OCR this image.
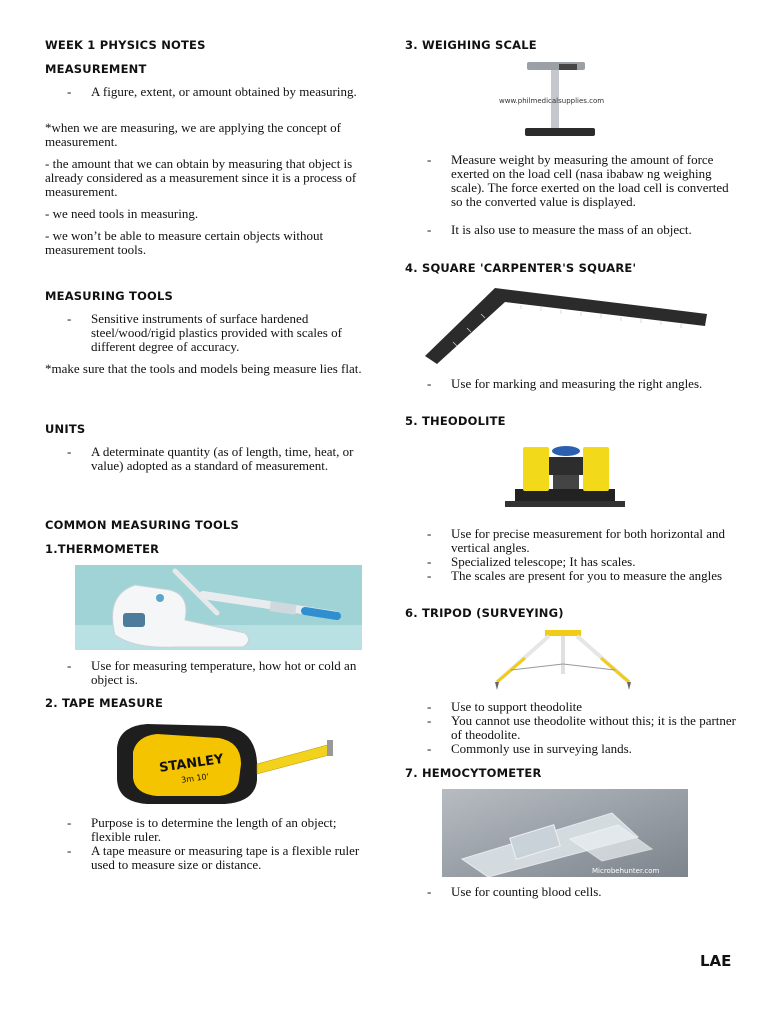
WEEK 1 PHYSICS NOTES
MEASUREMENT
- A figure, extent, or amount obtained by measuring.

*when we are measuring, we are applying the concept of measurement.

- the amount that we can obtain by measuring that object is already considered as a measurement since it is a process of measurement.

- we need tools in measuring.

- we won’t be able to measure certain objects without measurement tools.

MEASURING TOOLS
- Sensitive instruments of surface hardened steel/wood/rigid plastics provided with scales of different degree of accuracy.

*make sure that the tools and models being measure lies flat.

UNITS
- A determinate quantity (as of length, time, heat, or value) adopted as a standard of measurement.
COMMON MEASURING TOOLS
1.THERMOMETER
- Use for measuring temperature, how hot or cold an object is.
2. TAPE MEASURE
STANLEY
3m 10'
- Purpose is to determine the length of an object; flexible ruler.
- A tape measure or measuring tape is a flexible ruler used to measure size or distance.
3. WEIGHING SCALE
www.philmedicalsupplies.com
- Measure weight by measuring the amount of force exerted on the load cell (nasa ibabaw ng weighing scale). The force exerted on the load cell is converted so the converted value is displayed.
- It is also use to measure the mass of an object.
4. SQUARE 'CARPENTER'S SQUARE'
- Use for marking and measuring the right angles.
5. THEODOLITE
- Use for precise measurement for both horizontal and vertical angles.
- Specialized telescope; It has scales.
- The scales are present for you to measure the angles
6. TRIPOD (SURVEYING)
- Use to support theodolite
- You cannot use theodolite without this; it is the partner of theodolite.
- Commonly use in surveying lands.
7. HEMOCYTOMETER
Microbehunter.com
- Use for counting blood cells.
LAE
